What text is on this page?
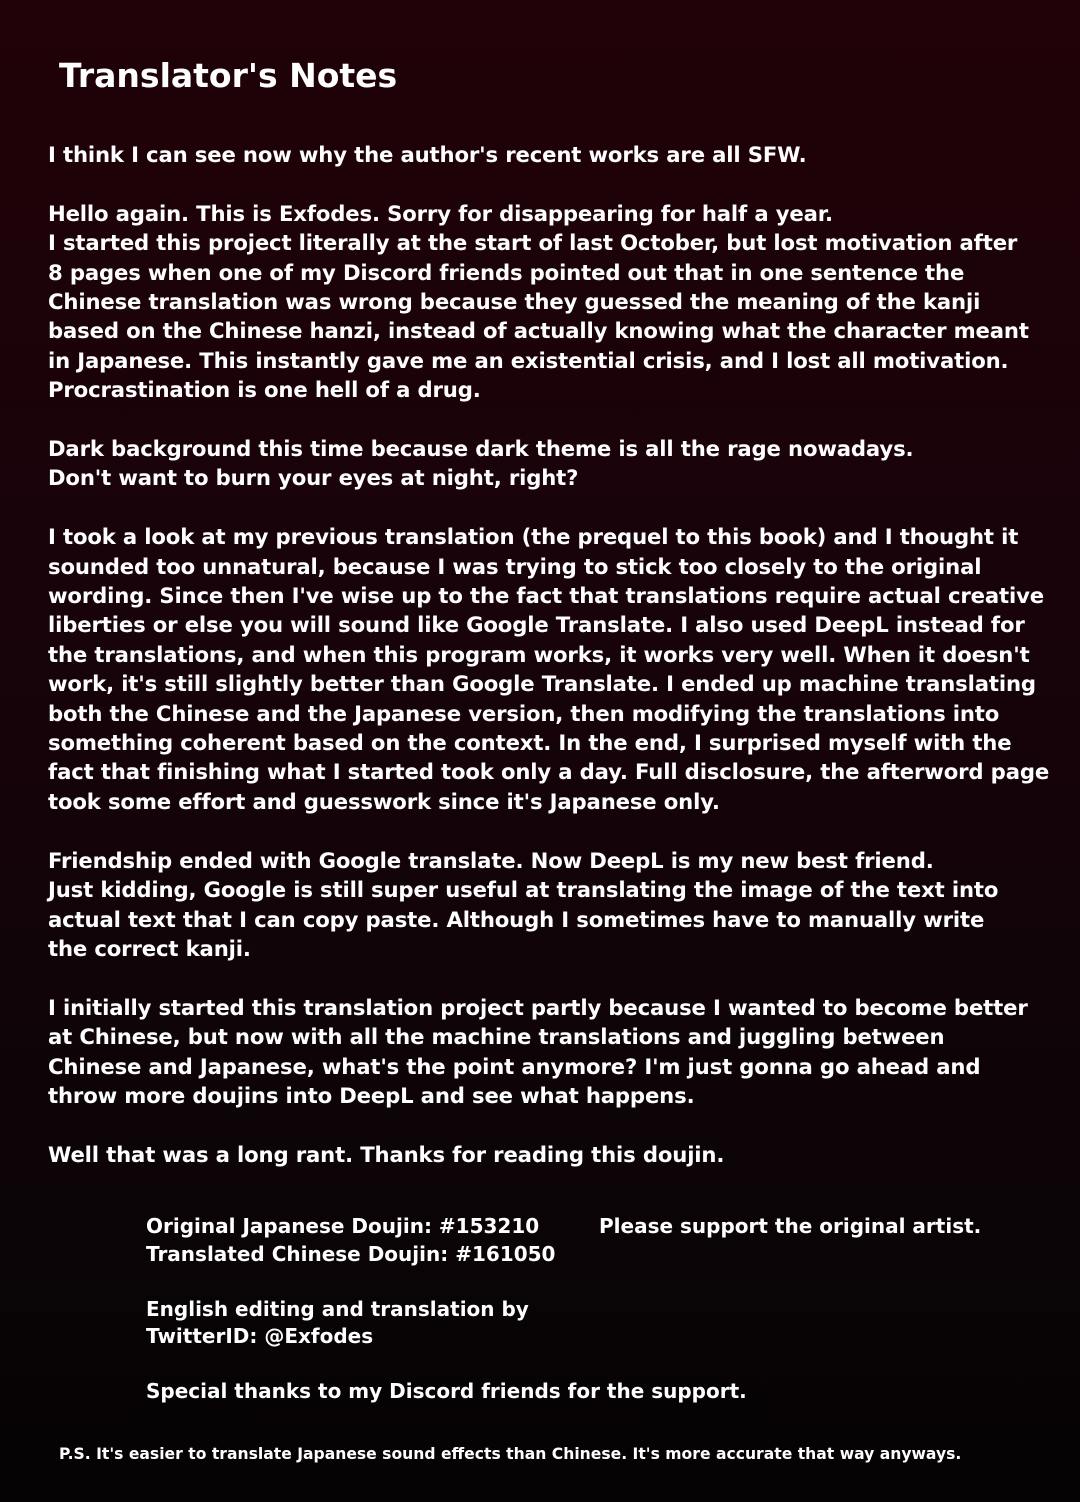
Translator's Notes

I think I can see now why the author's recent works are all SFW.

Hello again. This is Exfodes. Sorry for disappearing for half a year.
I started this project literally at the start of last October, but lost motivation after
8 pages when one of my Discord friends pointed out that in one sentence the
Chinese translation was wrong because they guessed the meaning of the kanji
based on the Chinese hanzi, instead of actually knowing what the character meant
in Japanese. This instantly gave me an existential crisis, and I lost all motivation.
Procrastination is one hell of a drug.

Dark background this time because dark theme is all the rage nowadays.
Don't want to burn your eyes at night, right?

I took a look at my previous translation (the prequel to this book) and I thought it
sounded too unnatural, because I was trying to stick too closely to the original
wording. Since then I've wise up to the fact that translations require actual creative
liberties or else you will sound like Google Translate. I also used DeepL instead for
the translations, and when this program works, it works very well. When it doesn't
work, it's still slightly better than Google Translate. I ended up machine translating
both the Chinese and the Japanese version, then modifying the translations into
something coherent based on the context. In the end, I surprised myself with the
fact that finishing what I started took only a day. Full disclosure, the afterword page
took some effort and guesswork since it's Japanese only.

Friendship ended with Google translate. Now DeepL is my new best friend.
Just kidding, Google is still super useful at translating the image of the text into
actual text that I can copy paste. Although I sometimes have to manually write
the correct kanji.

I initially started this translation project partly because I wanted to become better
at Chinese, but now with all the machine translations and juggling between
Chinese and Japanese, what's the point anymore? I'm just gonna go ahead and
throw more doujins into DeepL and see what happens.

Well that was a long rant. Thanks for reading this doujin.

Original Japanese Doujin: #153210
Translated Chinese Doujin: #161050
English editing and translation by
TwitterID: @Exfodes
Special thanks to my Discord friends for the support.
Please support the original artist.
P.S. It's easier to translate Japanese sound effects than Chinese. It's more accurate that way anyways.
